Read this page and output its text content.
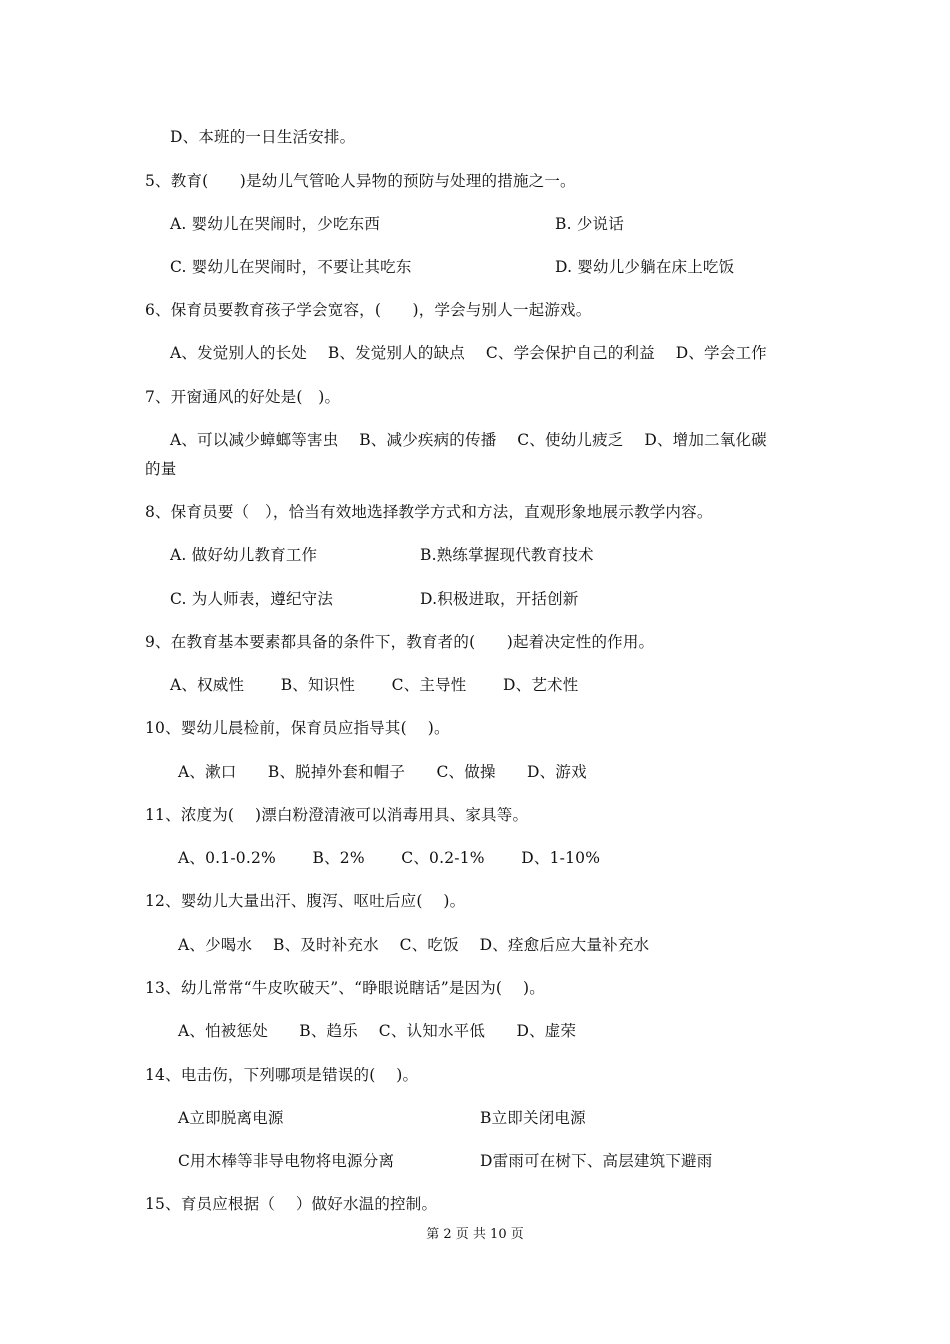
D、本班的一日生活安排。
5、教育(　　)是幼儿气管呛人异物的预防与处理的措施之一。
A. 婴幼儿在哭闹时，少吃东西	B. 少说话
C. 婴幼儿在哭闹时，不要让其吃东	D. 婴幼儿少躺在床上吃饭
6、保育员要教育孩子学会宽容，(　　)，学会与别人一起游戏。
A、发觉别人的长处　 B、发觉别人的缺点　 C、学会保护自己的利益　 D、学会工作
7、开窗通风的好处是(　)。
A、可以减少蟑螂等害虫　 B、减少疾病的传播　 C、使幼儿疲乏　 D、增加二氧化碳
的量
8、保育员要（　），恰当有效地选择教学方式和方法，直观形象地展示教学内容。
A. 做好幼儿教育工作	B.熟练掌握现代教育技术
C. 为人师表，遵纪守法	D.积极进取，开括创新
9、在教育基本要素都具备的条件下，教育者的(　　)起着决定性的作用。
A、权威性　　 B、知识性　　 C、主导性　　 D、艺术性
10、婴幼儿晨检前，保育员应指导其(　 )。
A、漱口　　B、脱掉外套和帽子　　C、做操　　D、游戏
11、浓度为(　 )漂白粉澄清液可以消毒用具、家具等。
A、0.1-0.2%　　 B、2%　　 C、0.2-1%　　 D、1-10%
12、婴幼儿大量出汗、腹泻、呕吐后应(　 )。
A、少喝水　 B、及时补充水　 C、吃饭　 D、痊愈后应大量补充水
13、幼儿常常“牛皮吹破天”、“睁眼说瞎话”是因为(　 )。
A、怕被惩处　　B、趋乐　 C、认知水平低　　D、虚荣
14、电击伤，下列哪项是错误的(　 )。
A立即脱离电源	B立即关闭电源
C用木棒等非导电物将电源分离	D雷雨可在树下、高层建筑下避雨
15、育员应根据（　 ）做好水温的控制。
第 2 页 共 10 页
